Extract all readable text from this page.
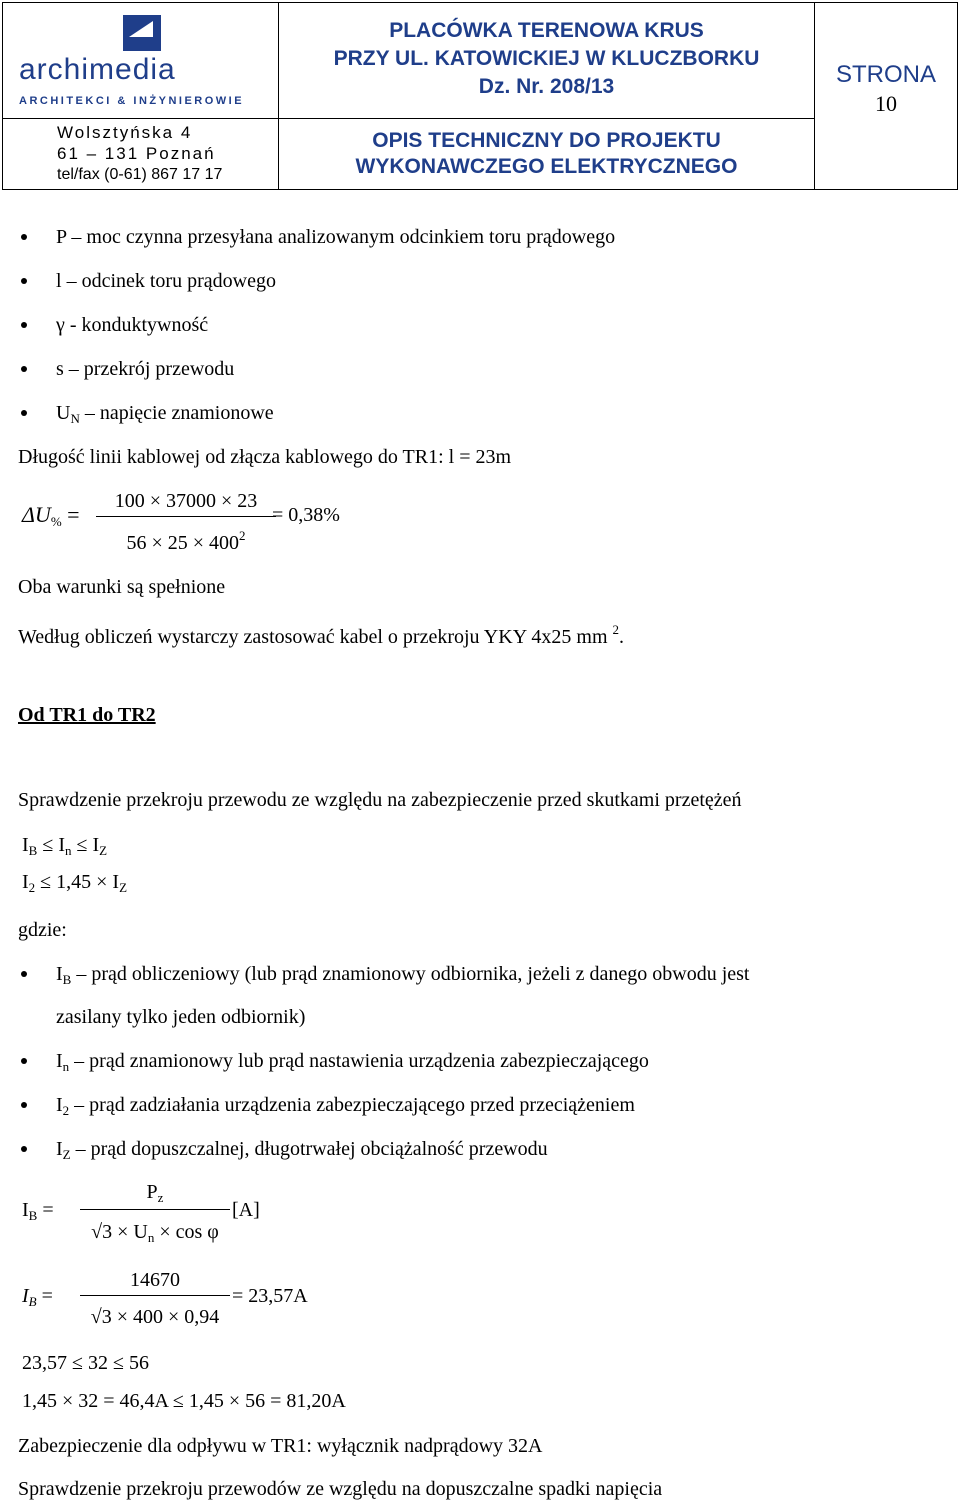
archimedia
ARCHITEKCI & INŻYNIEROWIE
Wolsztyńska 4
61 – 131 Poznań
tel/fax (0-61) 867 17 17
PLACÓWKA TERENOWA KRUS
PRZY UL. KATOWICKIEJ W KLUCZBORKU
Dz. Nr. 208/13
OPIS TECHNICZNY DO PROJEKTU
WYKONAWCZEGO ELEKTRYCZNEGO
STRONA
10
P – moc czynna przesyłana analizowanym odcinkiem toru prądowego
l – odcinek toru prądowego
γ - konduktywność
s – przekrój przewodu
$U_N$ – napięcie znamionowe
Długość linii kablowej od złącza kablowego do TR1: l = 23m
$\Delta U_{\%}$ =
100 × 37000 × 23
$56 \times 25 \times 400^2$
= 0,38%
Oba warunki są spełnione
Według obliczeń wystarczy zastosować kabel o przekroju YKY 4x25 mm $^2$.
Od TR1 do TR2
Sprawdzenie przekroju przewodu ze względu na zabezpieczenie przed skutkami przetężeń
$I_B \le I_n \le I_Z$
$I_2 \le 1,45 \times I_Z$
gdzie:
$I_B$ – prąd obliczeniowy (lub prąd znamionowy odbiornika, jeżeli z danego obwodu jest
zasilany tylko jeden odbiornik)
$I_n$ – prąd znamionowy lub prąd nastawienia urządzenia zabezpieczającego
$I_2$ – prąd zadziałania urządzenia zabezpieczającego przed przeciążeniem
$I_Z$ – prąd dopuszczalnej, długotrwałej obciążalność przewodu
$I_B$ =
$P_z$
$√3 \times U_n \times \cos \varphi$
[A]
$I_B$ =
14670
√3 × 400 × 0,94
= 23,57A
23,57 ≤ 32 ≤ 56
1,45 × 32 = 46,4A ≤ 1,45 × 56 = 81,20A
Zabezpieczenie dla odpływu w TR1: wyłącznik nadprądowy 32A
Sprawdzenie przekroju przewodów ze względu na dopuszczalne spadki napięcia
